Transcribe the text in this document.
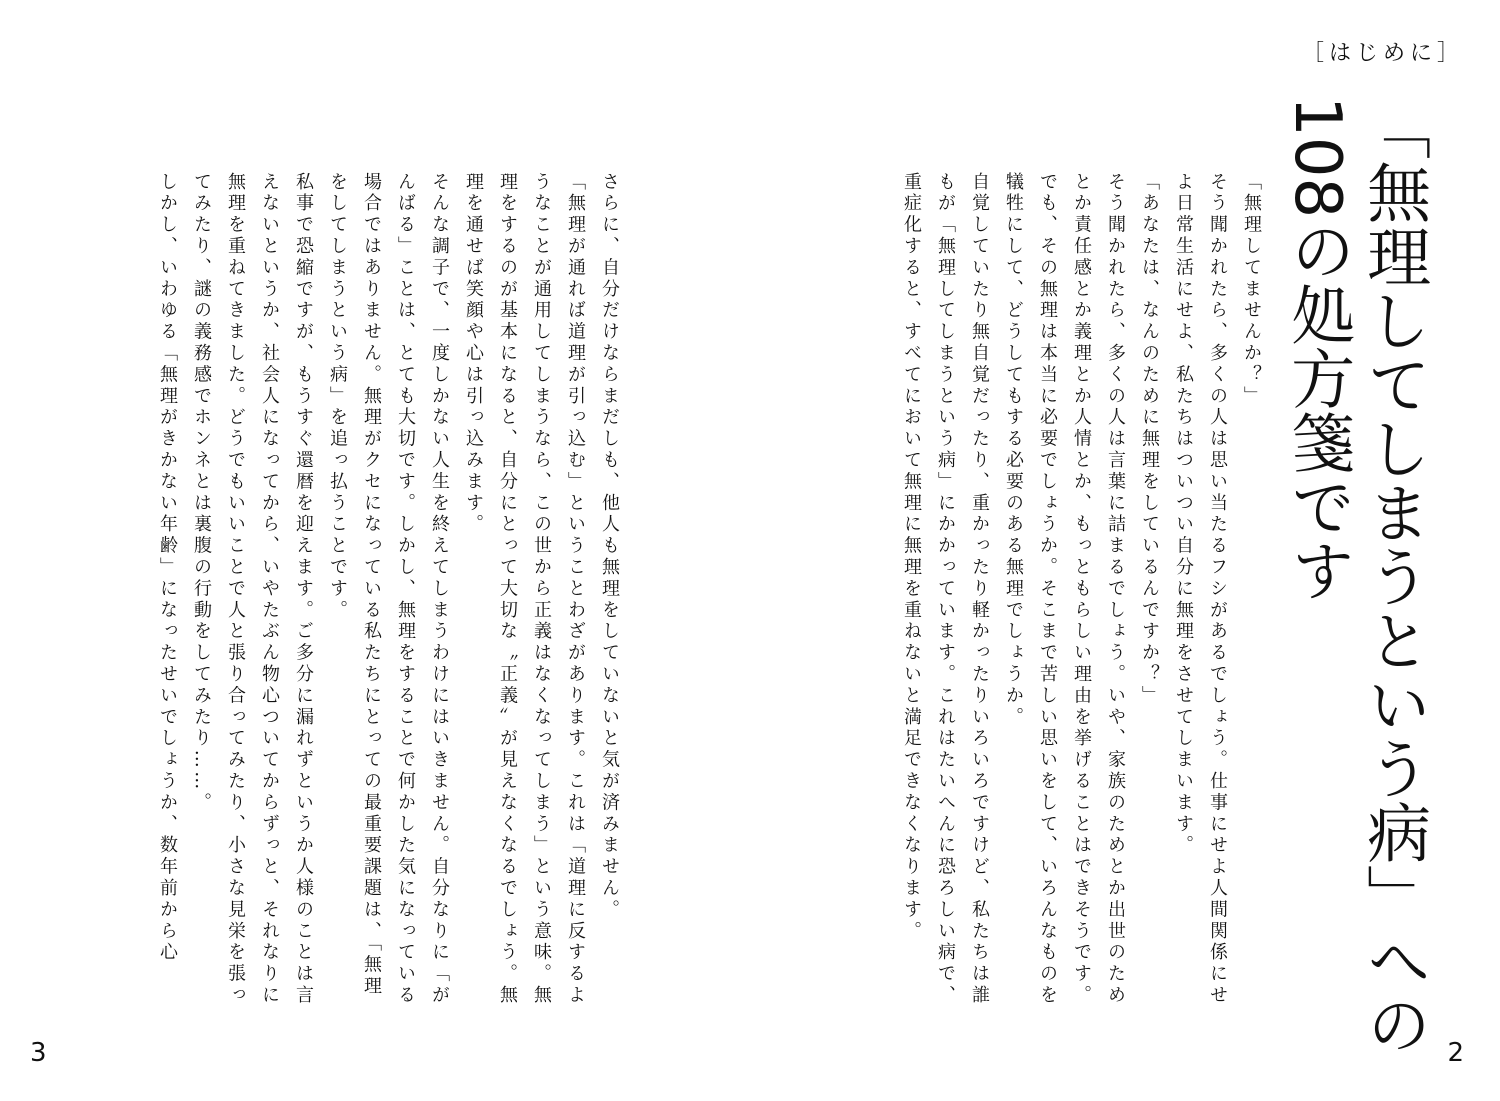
［はじめに］
「無理してしまうという病」への
108の処方箋です

「無理してませんか？」

そう聞かれたら、多くの人は思い当たるフシがあるでしょう。仕事にせよ人間関係にせよ日常生活にせよ、私たちはついつい自分に無理をさせてしまいます。

「あなたは、なんのために無理をしているんですか？」

そう聞かれたら、多くの人は言葉に詰まるでしょう。いや、家族のためとか出世のためとか責任感とか義理とか人情とか、もっともらしい理由を挙げることはできそうです。でも、その無理は本当に必要でしょうか。そこまで苦しい思いをして、いろんなものを犠牲にして、どうしてもする必要のある無理でしょうか。

自覚していたり無自覚だったり、重かったり軽かったりいろいろですけど、私たちは誰もが「無理してしまうという病」にかかっています。これはたいへんに恐ろしい病で、重症化すると、すべてにおいて無理に無理を重ねないと満足できなくなります。

2

さらに、自分だけならまだしも、他人も無理をしていないと気が済みません。

「無理が通れば道理が引っ込む」ということわざがあります。これは「道理に反するようなことが通用してしまうなら、この世から正義はなくなってしまう」という意味。無理をするのが基本になると、自分にとって大切な〝正義〟が見えなくなるでしょう。無理を通せば笑顔や心は引っ込みます。

そんな調子で、一度しかない人生を終えてしまうわけにはいきません。自分なりに「がんばる」ことは、とても大切です。しかし、無理をすることで何かした気になっている場合ではありません。無理がクセになっている私たちにとっての最重要課題は、「無理をしてしまうという病」を追っ払うことです。

私事で恐縮ですが、もうすぐ還暦を迎えます。ご多分に漏れずというか人様のことは言えないというか、社会人になってから、いやたぶん物心ついてからずっと、それなりに無理を重ねてきました。どうでもいいことで人と張り合ってみたり、小さな見栄を張ってみたり、謎の義務感でホンネとは裏腹の行動をしてみたり……。

しかし、いわゆる「無理がきかない年齢」になったせいでしょうか、数年前から心

3
